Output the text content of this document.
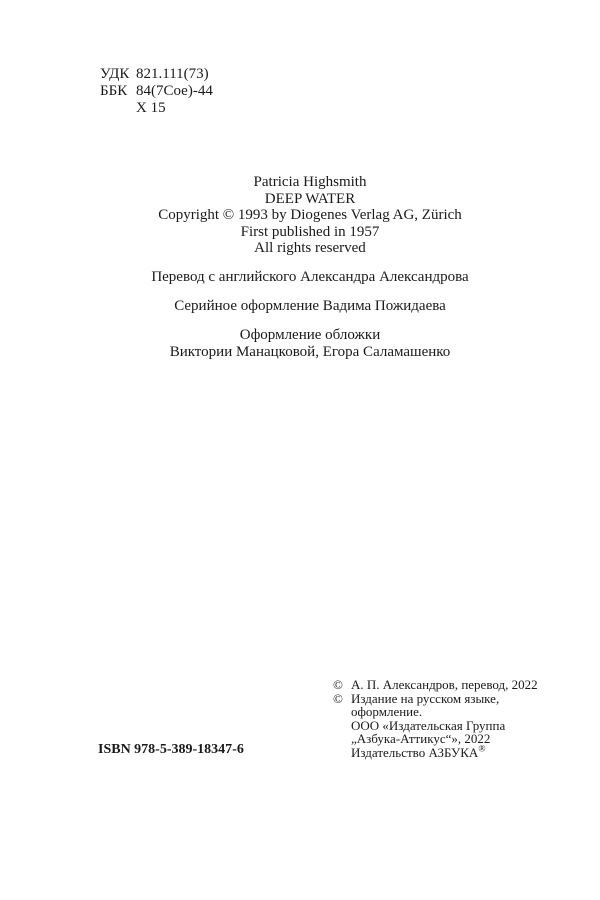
УДК 821.111(73)
ББК 84(7Сое)-44
Х 15

Patricia Highsmith
DEEP WATER
Copyright © 1993 by Diogenes Verlag AG, Zürich
First published in 1957
All rights reserved

Перевод с английского Александра Александрова

Серийное оформление Вадима Пожидаева

Оформление обложки
Виктории Манацковой, Егора Саламашенко

© А. П. Александров, перевод, 2022
© Издание на русском языке,
оформление.
ООО «Издательская Группа
„Азбука-Аттикус“», 2022
Издательство АЗБУКА®
ISBN 978-5-389-18347-6
